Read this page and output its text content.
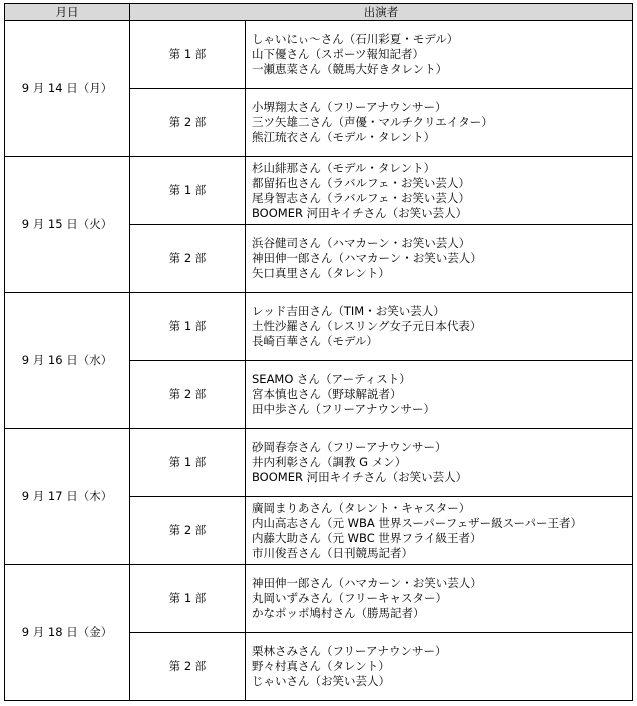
月日	出演者	
9 月 14 日（月）	第 1 部	しゃいにぃ～さん（石川彩夏・モデル）
山下優さん（スポーツ報知記者）
一瀬恵菜さん（競馬大好きタレント）

	第 2 部	小堺翔太さん（フリーアナウンサー）
三ツ矢雄二さん（声優・マルチクリエイター）
熊江琉衣さん（モデル・タレント）

9 月 15 日（火）	第 1 部	杉山緋那さん（モデル・タレント）
都留拓也さん（ラバルフェ・お笑い芸人）
尾身智志さん（ラバルフェ・お笑い芸人）
BOOMER 河田キイチさん（お笑い芸人）

	第 2 部	浜谷健司さん（ハマカーン・お笑い芸人）
神田伸一郎さん（ハマカーン・お笑い芸人）
矢口真里さん（タレント）

9 月 16 日（水）	第 1 部	レッド吉田さん（TIM・お笑い芸人）
土性沙羅さん（レスリング女子元日本代表）
長崎百華さん（モデル）

	第 2 部	SEAMO さん（アーティスト）
宮本慎也さん（野球解説者）
田中歩さん（フリーアナウンサー）

9 月 17 日（木）	第 1 部	砂岡春奈さん（フリーアナウンサー）
井内利彰さん（調教 G メン）
BOOMER 河田キイチさん（お笑い芸人）

	第 2 部	廣岡まりあさん（タレント・キャスター）
内山高志さん（元 WBA 世界スーパーフェザー級スーパー王者）
内藤大助さん（元 WBC 世界フライ級王者）
市川俊吾さん（日刊競馬記者）

9 月 18 日（金）	第 1 部	神田伸一郎さん（ハマカーン・お笑い芸人）
丸岡いずみさん（フリーキャスター）
かなポッポ鳩村さん（勝馬記者）

	第 2 部	栗林さみさん（フリーアナウンサー）
野々村真さん（タレント）
じゃいさん（お笑い芸人）
